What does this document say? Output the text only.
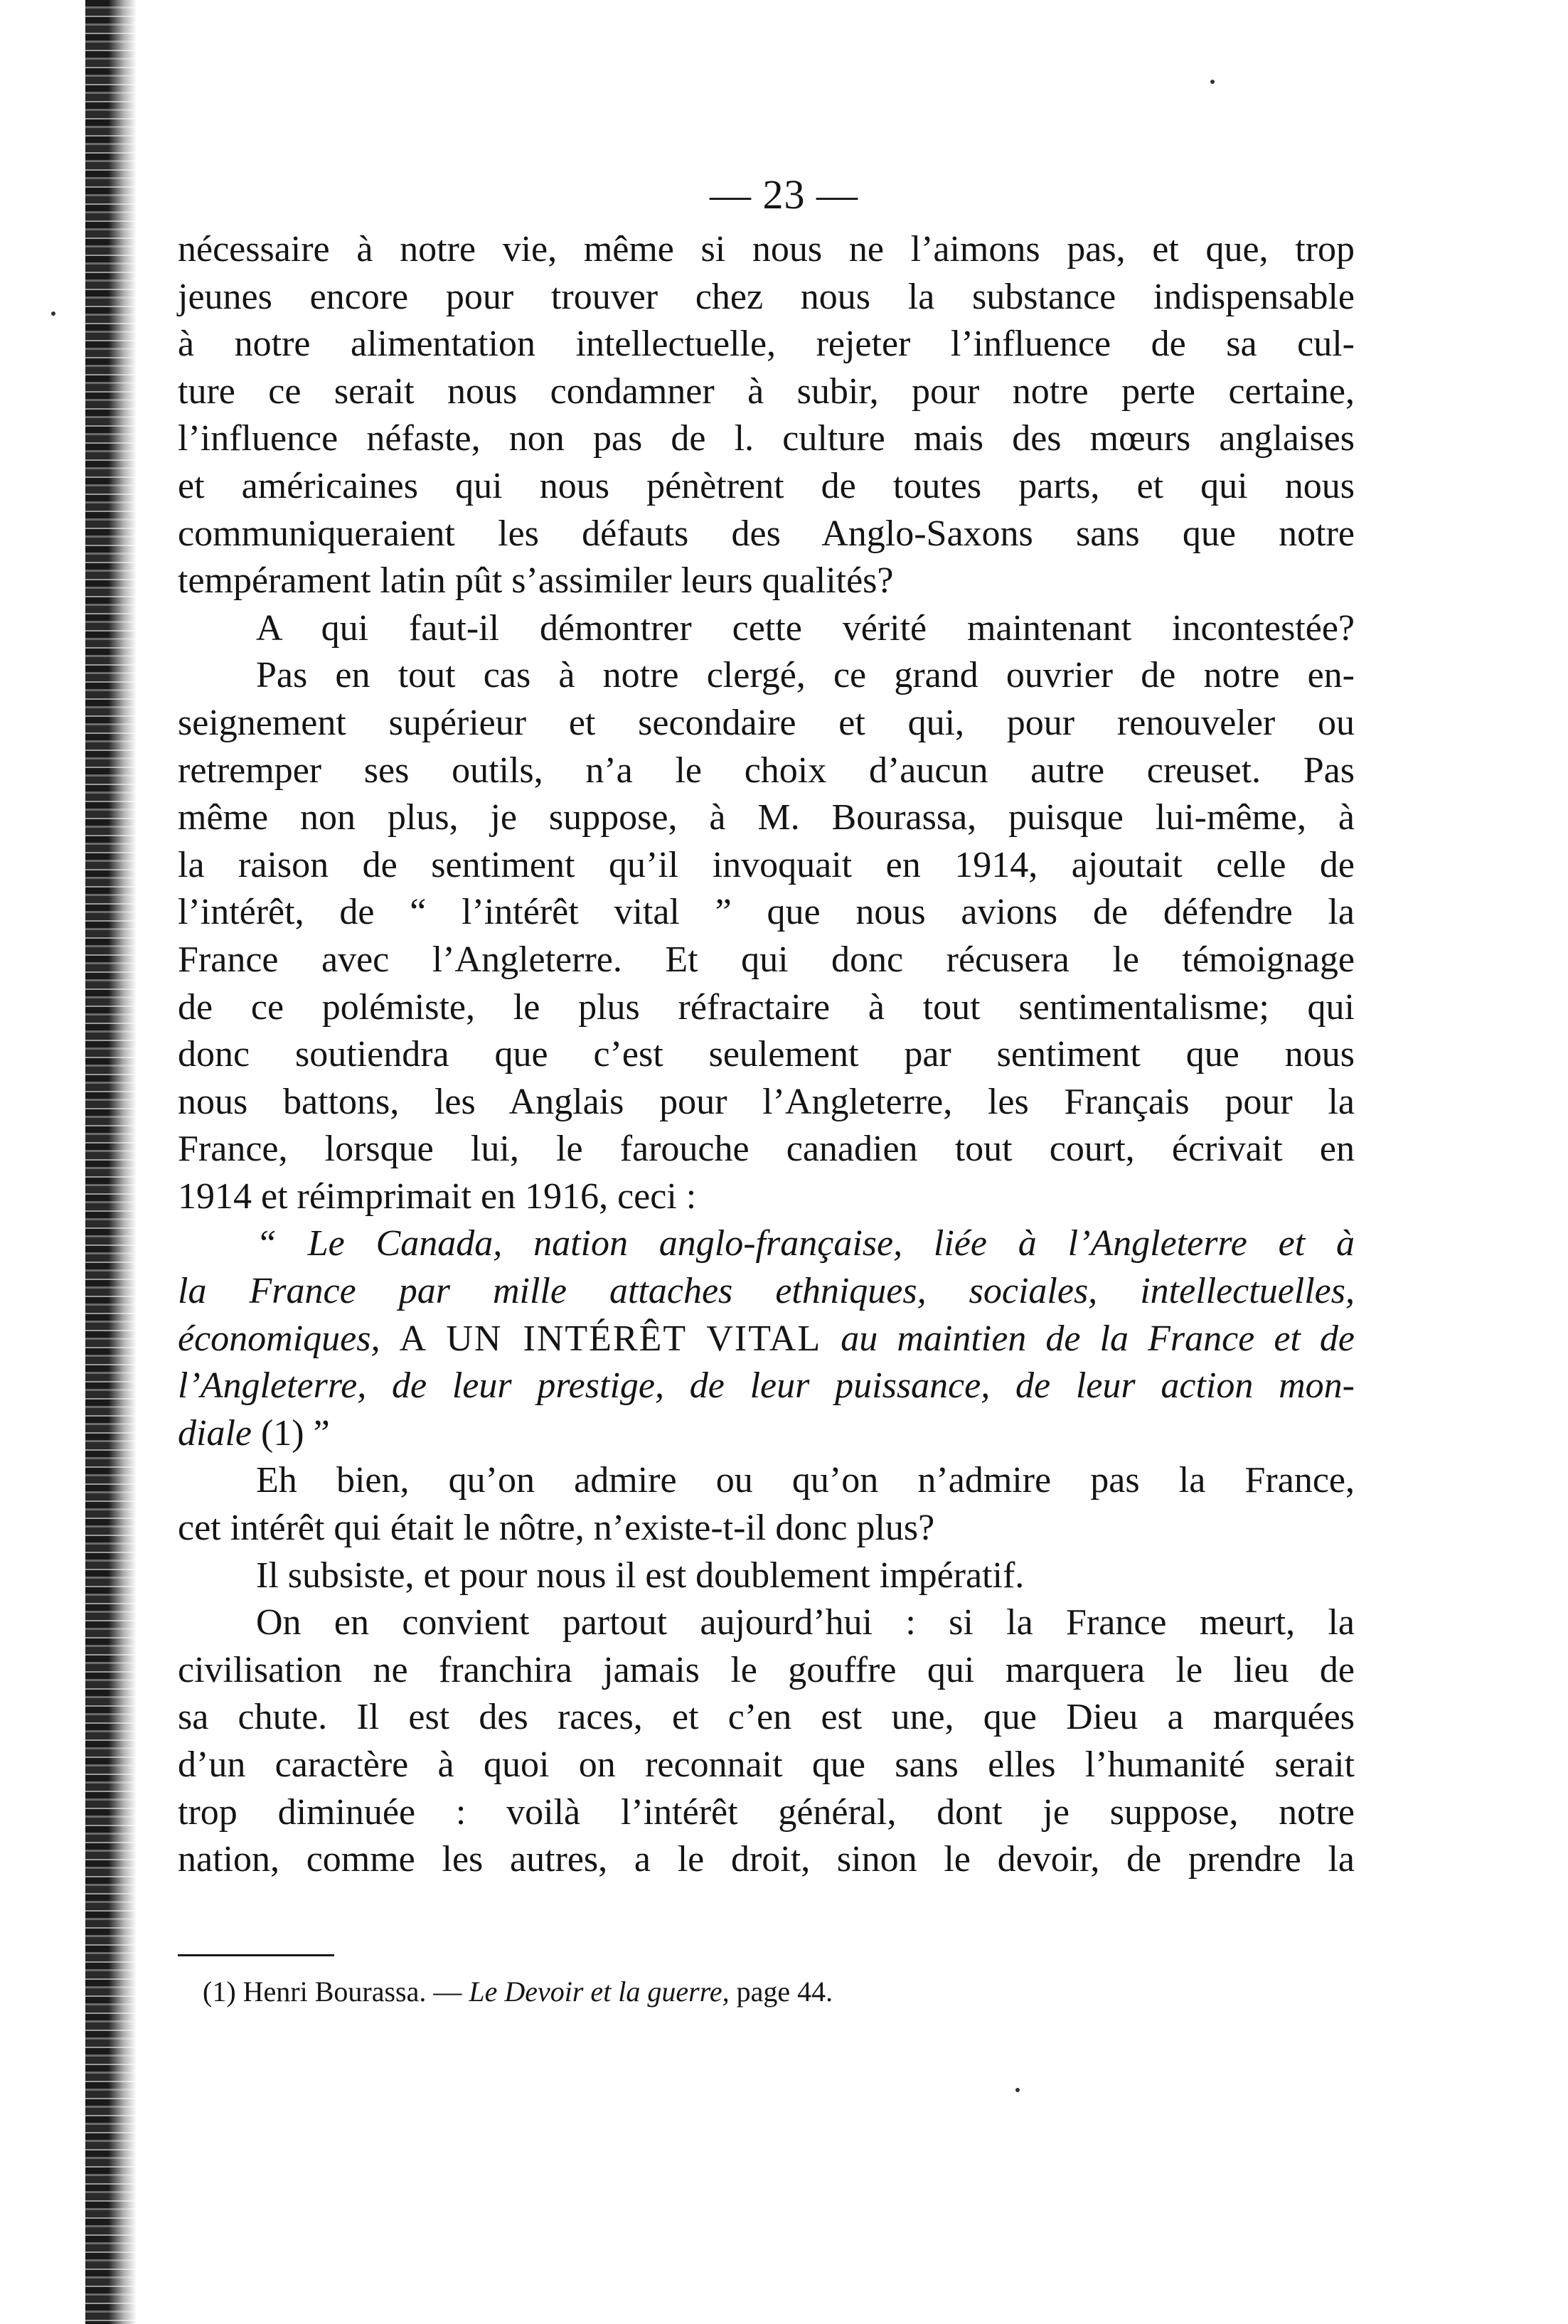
— 23 —
nécessaire à notre vie, même si nous ne l’aimons pas, et que, trop
jeunes encore pour trouver chez nous la substance indispensable
à notre alimentation intellectuelle, rejeter l’influence de sa cul-
ture ce serait nous condamner à subir, pour notre perte certaine,
l’influence néfaste, non pas de l. culture mais des mœurs anglaises
et américaines qui nous pénètrent de toutes parts, et qui nous
communiqueraient les défauts des Anglo-Saxons sans que notre
tempérament latin pût s’assimiler leurs qualités?
A qui faut-il démontrer cette vérité maintenant incontestée?
Pas en tout cas à notre clergé, ce grand ouvrier de notre en-
seignement supérieur et secondaire et qui, pour renouveler ou
retremper ses outils, n’a le choix d’aucun autre creuset. Pas
même non plus, je suppose, à M. Bourassa, puisque lui-même, à
la raison de sentiment qu’il invoquait en 1914, ajoutait celle de
l’intérêt, de “ l’intérêt vital ” que nous avions de défendre la
France avec l’Angleterre. Et qui donc récusera le témoignage
de ce polémiste, le plus réfractaire à tout sentimentalisme; qui
donc soutiendra que c’est seulement par sentiment que nous
nous battons, les Anglais pour l’Angleterre, les Français pour la
France, lorsque lui, le farouche canadien tout court, écrivait en
1914 et réimprimait en 1916, ceci :
“ Le Canada, nation anglo-française, liée à l’Angleterre et à
la France par mille attaches ethniques, sociales, intellectuelles,
économiques, A UN INTÉRÊT VITAL au maintien de la France et de
l’Angleterre, de leur prestige, de leur puissance, de leur action mon-
diale (1) ”
Eh bien, qu’on admire ou qu’on n’admire pas la France,
cet intérêt qui était le nôtre, n’existe-t-il donc plus?
Il subsiste, et pour nous il est doublement impératif.
On en convient partout aujourd’hui : si la France meurt, la
civilisation ne franchira jamais le gouffre qui marquera le lieu de
sa chute. Il est des races, et c’en est une, que Dieu a marquées
d’un caractère à quoi on reconnait que sans elles l’humanité serait
trop diminuée : voilà l’intérêt général, dont je suppose, notre
nation, comme les autres, a le droit, sinon le devoir, de prendre la
(1) Henri Bourassa. — Le Devoir et la guerre, page 44.
